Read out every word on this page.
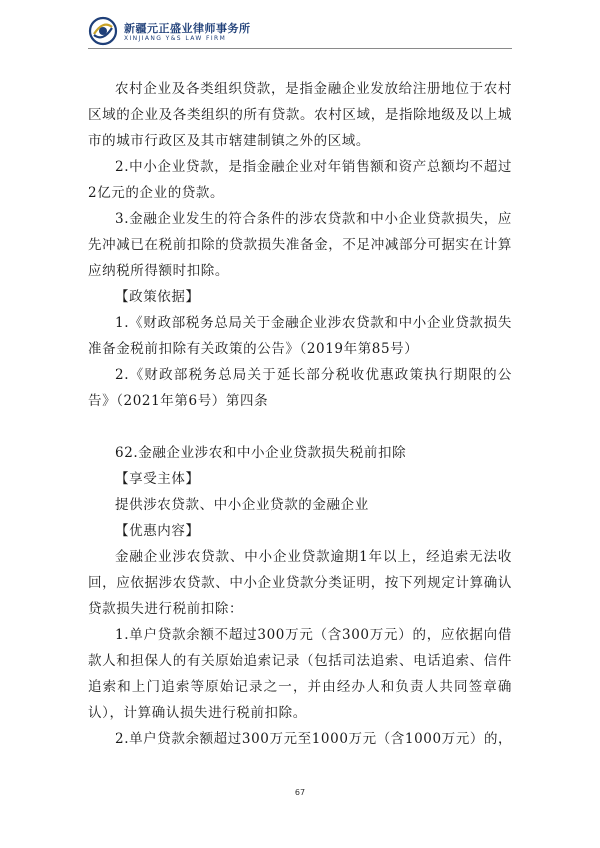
新疆元正盛业律师事务所
XINJIANG Y&S LAW FIRM

农村企业及各类组织贷款，是指金融企业发放给注册地位于农村区域的企业及各类组织的所有贷款。农村区域，是指除地级及以上城市的城市行政区及其市辖建制镇之外的区域。

2.中小企业贷款，是指金融企业对年销售额和资产总额均不超过2亿元的企业的贷款。

3.金融企业发生的符合条件的涉农贷款和中小企业贷款损失，应先冲减已在税前扣除的贷款损失准备金，不足冲减部分可据实在计算应纳税所得额时扣除。

【政策依据】

1.《财政部税务总局关于金融企业涉农贷款和中小企业贷款损失准备金税前扣除有关政策的公告》（2019年第85号）

2.《财政部税务总局关于延长部分税收优惠政策执行期限的公告》（2021年第6号）第四条

62.金融企业涉农和中小企业贷款损失税前扣除

【享受主体】

提供涉农贷款、中小企业贷款的金融企业

【优惠内容】

金融企业涉农贷款、中小企业贷款逾期1年以上，经追索无法收回，应依据涉农贷款、中小企业贷款分类证明，按下列规定计算确认贷款损失进行税前扣除：

1.单户贷款余额不超过300万元（含300万元）的，应依据向借款人和担保人的有关原始追索记录（包括司法追索、电话追索、信件追索和上门追索等原始记录之一，并由经办人和负责人共同签章确认），计算确认损失进行税前扣除。

2.单户贷款余额超过300万元至1000万元（含1000万元）的，

67
